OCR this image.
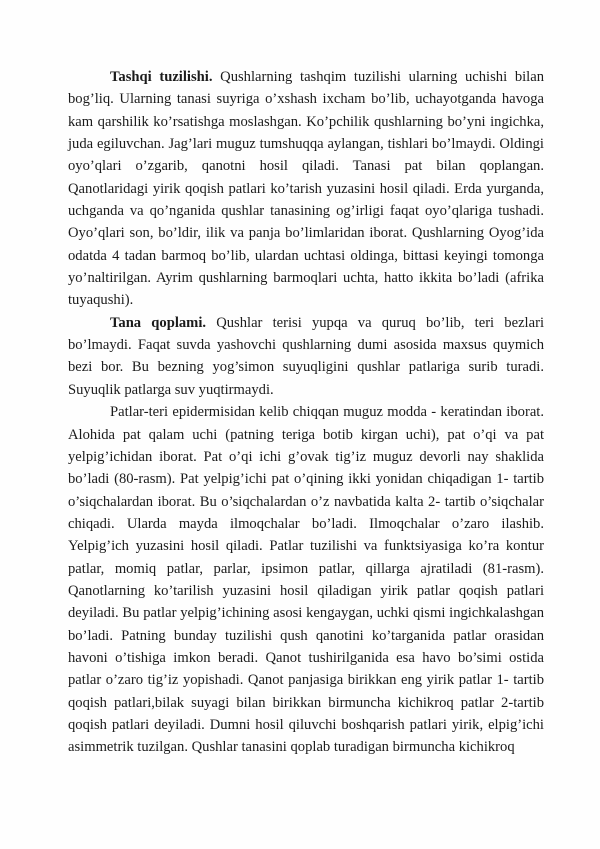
Tashqi tuzilishi. Qushlarning tashqim tuzilishi ularning uchishi bilan bog’liq. Ularning tanasi suyriga o’xshash ixcham bo’lib, uchayotganda havoga kam qarshilik ko’rsatishga moslashgan. Ko’pchilik qushlarning bo’yni ingichka, juda egiluvchan. Jag’lari muguz tumshuqqa aylangan, tishlari bo’lmaydi. Oldingi oyo’qlari o’zgarib, qanotni hosil qiladi. Tanasi pat bilan qoplangan. Qanotlaridagi yirik qoqish patlari ko’tarish yuzasini hosil qiladi. Erda yurganda, uchganda va qo’nganida qushlar tanasining og’irligi faqat oyo’qlariga tushadi. Oyo’qlari son, bo’ldir, ilik va panja bo’limlaridan iborat. Qushlarning Oyog’ida odatda 4 tadan barmoq bo’lib, ulardan uchtasi oldinga, bittasi keyingi tomonga yo’naltirilgan. Ayrim qushlarning barmoqlari uchta, hatto ikkita bo’ladi (afrika tuyaqushi).

Tana qoplami. Qushlar terisi yupqa va quruq bo’lib, teri bezlari bo’lmaydi. Faqat suvda yashovchi qushlarning dumi asosida maxsus quymich bezi bor. Bu bezning yog’simon suyuqligini qushlar patlariga surib turadi. Suyuqlik patlarga suv yuqtirmaydi.

Patlar-teri epidermisidan kelib chiqqan muguz modda - keratindan iborat. Alohida pat qalam uchi (patning teriga botib kirgan uchi), pat o’qi va pat yelpig’ichidan iborat. Pat o’qi ichi g’ovak tig’iz muguz devorli nay shaklida bo’ladi (80-rasm). Pat yelpig’ichi pat o’qining ikki yonidan chiqadigan 1- tartib o’siqchalardan iborat. Bu o’siqchalardan o’z navbatida kalta 2- tartib o’siqchalar chiqadi. Ularda mayda ilmoqchalar bo’ladi. Ilmoqchalar o’zaro ilashib. Yelpig’ich yuzasini hosil qiladi. Patlar tuzilishi va funktsiyasiga ko’ra kontur patlar, momiq patlar, parlar, ipsimon patlar, qillarga ajratiladi (81-rasm). Qanotlarning ko’tarilish yuzasini hosil qiladigan yirik patlar qoqish patlari deyiladi. Bu patlar yelpig’ichining asosi kengaygan, uchki qismi ingichkalashgan bo’ladi. Patning bunday tuzilishi qush qanotini ko’targanida patlar orasidan havoni o’tishiga imkon beradi. Qanot tushirilganida esa havo bo’simi ostida patlar o’zaro tig’iz yopishadi. Qanot panjasiga birikkan eng yirik patlar 1- tartib qoqish patlari,bilak suyagi bilan birikkan birmuncha kichikroq patlar 2-tartib qoqish patlari deyiladi. Dumni hosil qiluvchi boshqarish patlari yirik, elpig’ichi asimmetrik tuzilgan. Qushlar tanasini qoplab turadigan birmuncha kichikroq
